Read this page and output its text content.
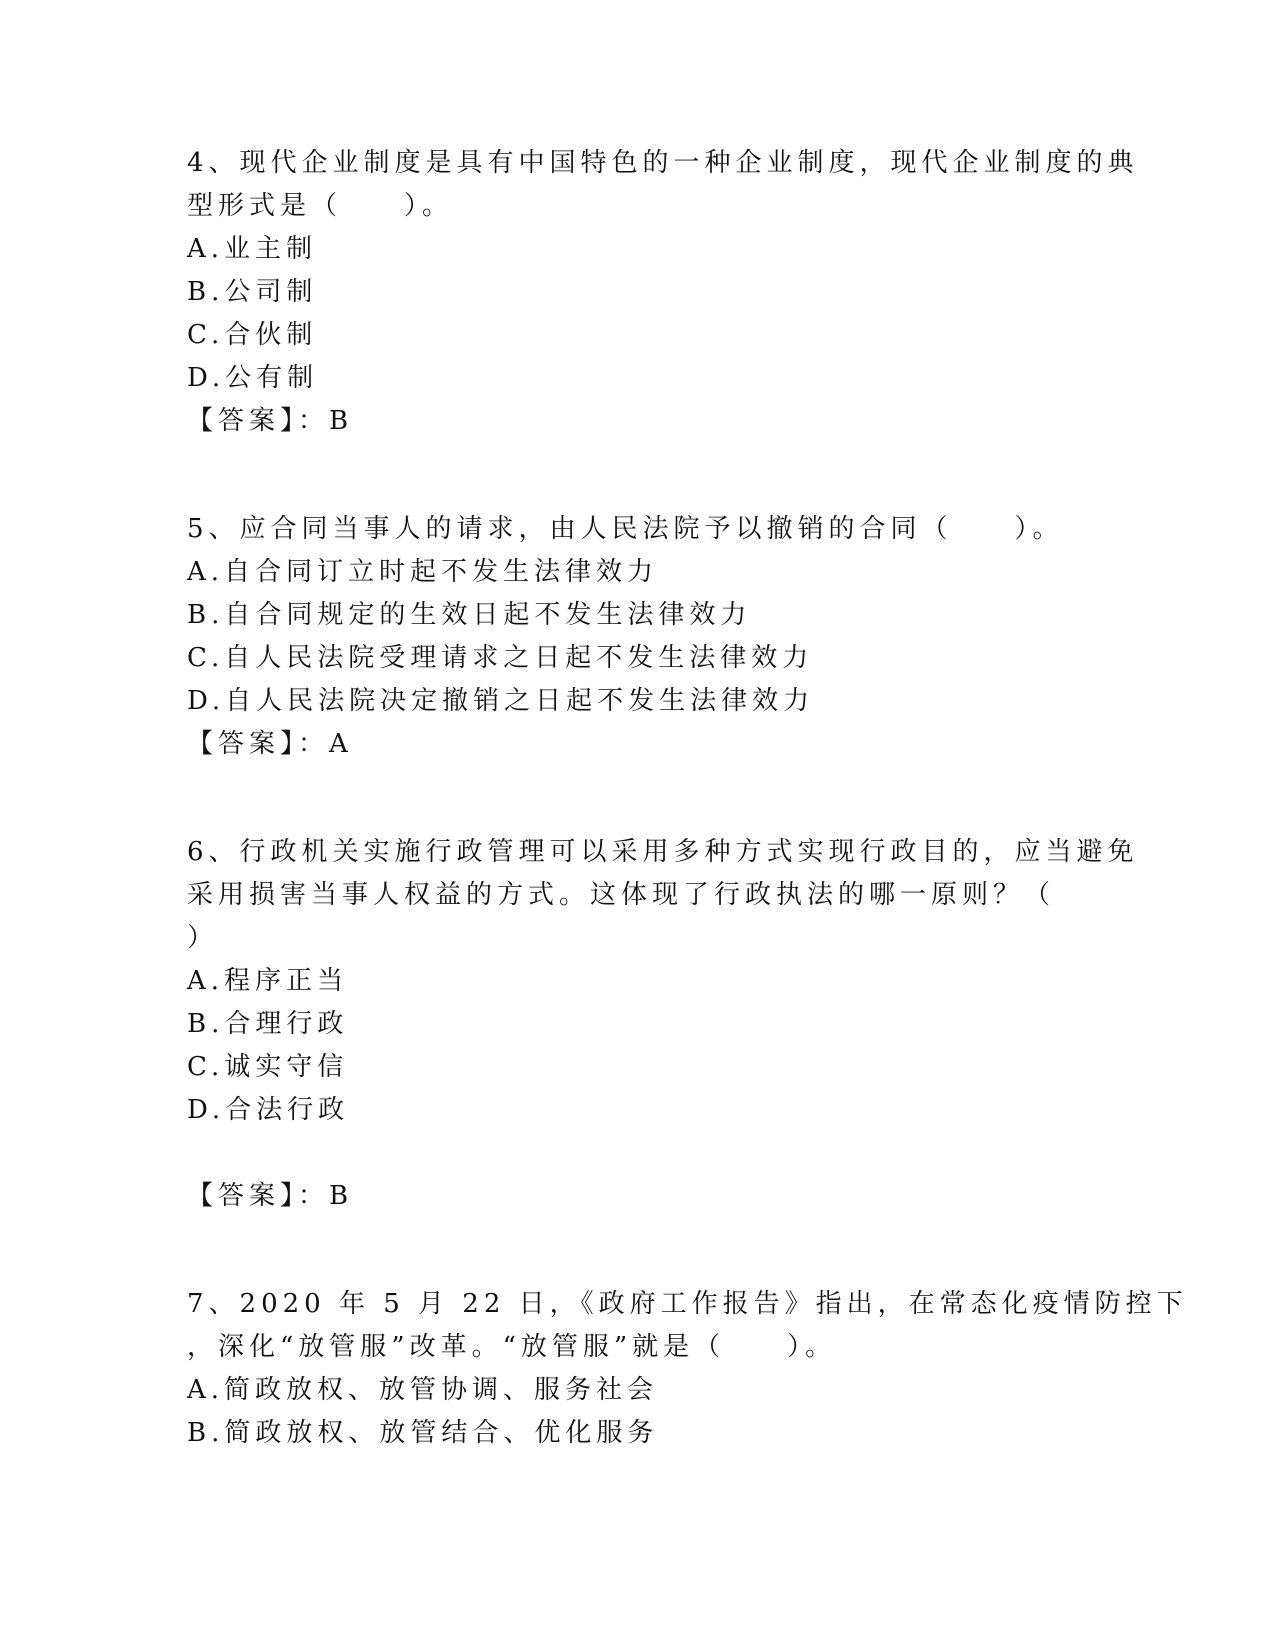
4、现代企业制度是具有中国特色的一种企业制度，现代企业制度的典
型形式是（　　）。
A.业主制
B.公司制
C.合伙制
D.公有制
【答案】：B
5、应合同当事人的请求，由人民法院予以撤销的合同（　　）。
A.自合同订立时起不发生法律效力
B.自合同规定的生效日起不发生法律效力
C.自人民法院受理请求之日起不发生法律效力
D.自人民法院决定撤销之日起不发生法律效力
【答案】：A
6、行政机关实施行政管理可以采用多种方式实现行政目的，应当避免
采用损害当事人权益的方式。这体现了行政执法的哪一原则？（
）
A.程序正当
B.合理行政
C.诚实守信
D.合法行政
【答案】：B
7、2020 年 5 月 22 日，《政府工作报告》指出，在常态化疫情防控下
，深化“放管服”改革。“放管服”就是（　　）。
A.简政放权、放管协调、服务社会
B.简政放权、放管结合、优化服务
